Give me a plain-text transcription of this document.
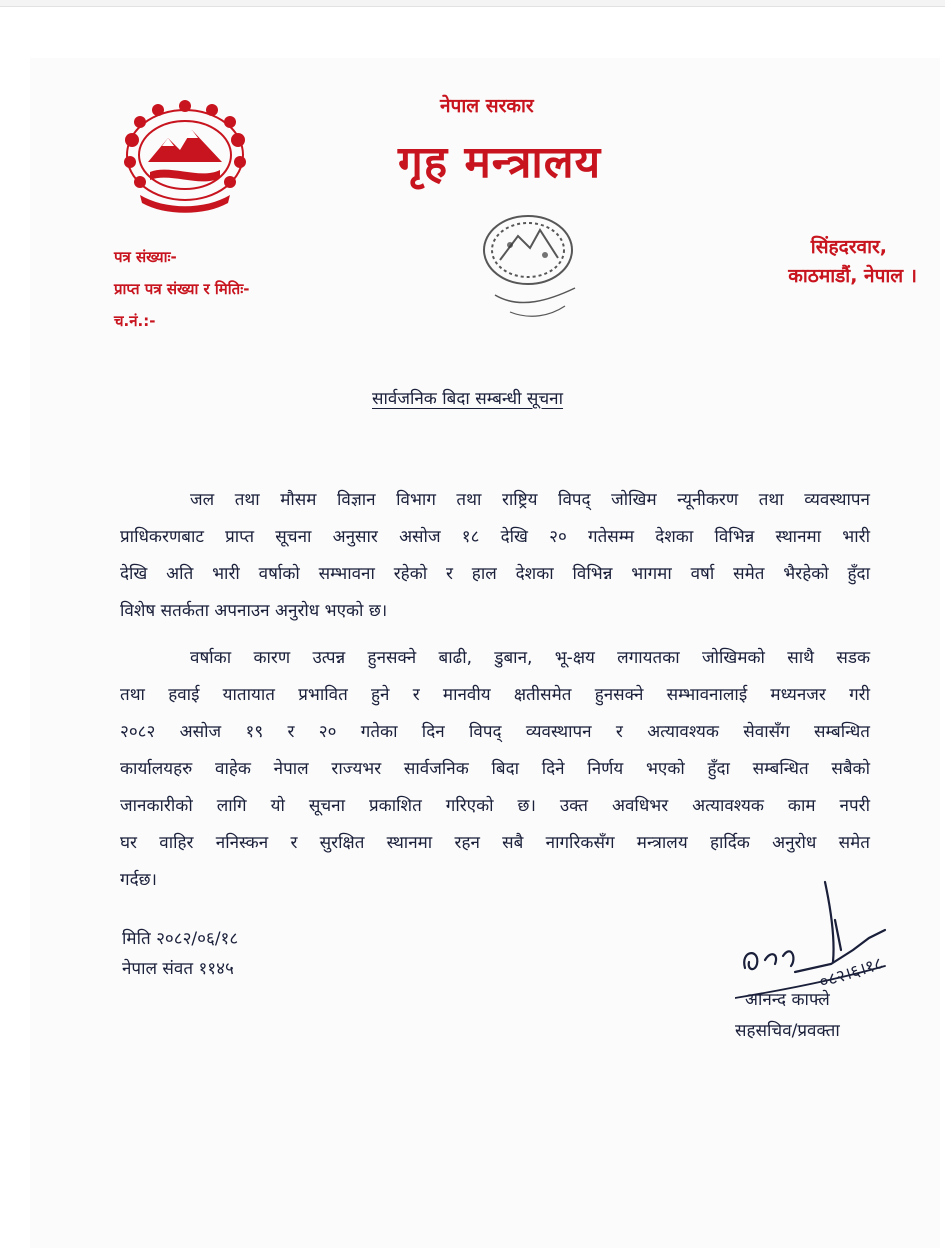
नेपाल सरकार
गृह मन्त्रालय
पत्र संख्याः-
प्राप्त पत्र संख्या र मितिः-
च.नं.:-
सिंहदरवार,
काठमाडौं, नेपाल ।
सार्वजनिक बिदा सम्बन्धी सूचना
जल तथा मौसम विज्ञान विभाग तथा राष्ट्रिय विपद् जोखिम न्यूनीकरण तथा व्यवस्थापन
प्राधिकरणबाट प्राप्त सूचना अनुसार असोज १८ देखि २० गतेसम्म देशका विभिन्न स्थानमा भारी
देखि अति भारी वर्षाको सम्भावना रहेको र हाल देशका विभिन्न भागमा वर्षा समेत भैरहेको हुँदा
विशेष सतर्कता अपनाउन अनुरोध भएको छ।
वर्षाका कारण उत्पन्न हुनसक्ने बाढी, डुबान, भू-क्षय लगायतका जोखिमको साथै सडक
तथा हवाई यातायात प्रभावित हुने र मानवीय क्षतीसमेत हुनसक्ने सम्भावनालाई मध्यनजर गरी
२०८२ असोज १९ र २० गतेका दिन विपद् व्यवस्थापन र अत्यावश्यक सेवासँग सम्बन्धित
कार्यालयहरु वाहेक नेपाल राज्यभर सार्वजनिक बिदा दिने निर्णय भएको हुँदा सम्बन्धित सबैको
जानकारीको लागि यो सूचना प्रकाशित गरिएको छ। उक्त अवधिभर अत्यावश्यक काम नपरी
घर वाहिर ननिस्कन र सुरक्षित स्थानमा रहन सबै नागरिकसँग मन्त्रालय हार्दिक अनुरोध समेत
गर्दछ।
मिति २०८२/०६/१८
नेपाल संवत ११४५	०८२।६।१८
आनन्द काफ्ले
सहसचिव/प्रवक्ता
